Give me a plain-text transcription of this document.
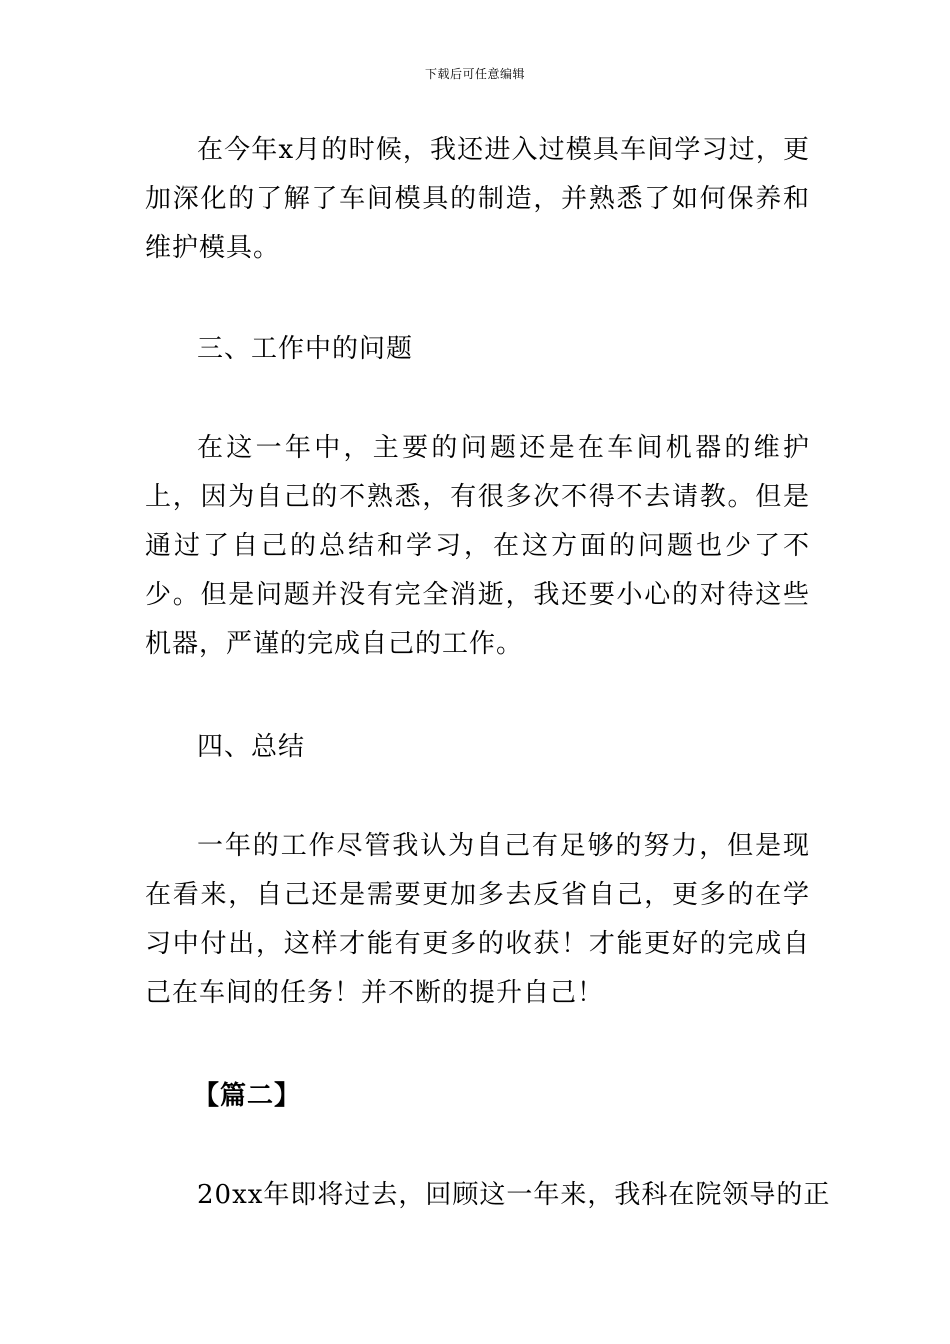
下载后可任意编辑

在今年x月的时候，我还进入过模具车间学习过，更加深化的了解了车间模具的制造，并熟悉了如何保养和维护模具。

三、工作中的问题

在这一年中，主要的问题还是在车间机器的维护上，因为自己的不熟悉，有很多次不得不去请教。但是通过了自己的总结和学习，在这方面的问题也少了不少。但是问题并没有完全消逝，我还要小心的对待这些机器，严谨的完成自己的工作。

四、总结

一年的工作尽管我认为自己有足够的努力，但是现在看来，自己还是需要更加多去反省自己，更多的在学习中付出，这样才能有更多的收获！才能更好的完成自己在车间的任务！并不断的提升自己！

【篇二】

20xx年即将过去，回顾这一年来，我科在院领导的正
